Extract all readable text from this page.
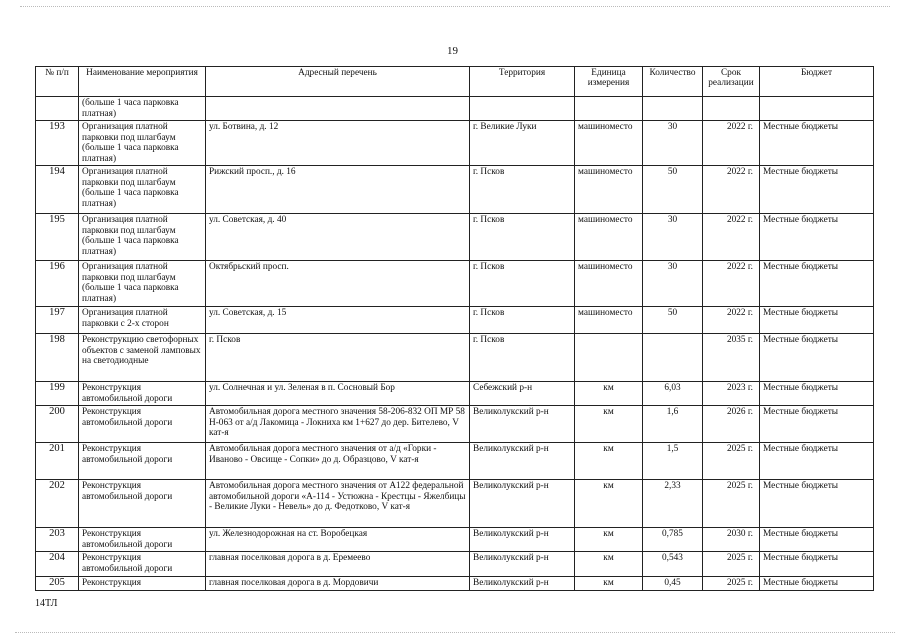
19
№ п/п	Наименование мероприятия	Адресный перечень	Территория	Единица измерения	Количество	Срок реализации	Бюджет
	(больше 1 часа парковка платная)						
193	Организация платной парковки под шлагбаум (больше 1 часа парковка платная)	ул. Ботвина, д. 12	г. Великие Луки	машиноместо	30	2022 г.	Местные бюджеты
194	Организация платной парковки под шлагбаум (больше 1 часа парковка платная)	Рижский просп., д. 16	г. Псков	машиноместо	50	2022 г.	Местные бюджеты
195	Организация платной парковки под шлагбаум (больше 1 часа парковка платная)	ул. Советская, д. 40	г. Псков	машиноместо	30	2022 г.	Местные бюджеты
196	Организация платной парковки под шлагбаум (больше 1 часа парковка платная)	Октябрьский просп.	г. Псков	машиноместо	30	2022 г.	Местные бюджеты
197	Организация платной парковки с 2-х сторон	ул. Советская, д. 15	г. Псков	машиноместо	50	2022 г.	Местные бюджеты
198	Реконструкцию светофорных объектов с заменой ламповых на светодиодные	г. Псков	г. Псков			2035 г.	Местные бюджеты
199	Реконструкция автомобильной дороги	ул. Солнечная и ул. Зеленая в п. Сосновый Бор	Себежский р-н	км	6,03	2023 г.	Местные бюджеты
200	Реконструкция автомобильной дороги	Автомобильная дорога местного значения 58-206-832 ОП МР 58 Н-063 от а/д Лакомица - Локниха км 1+627 до дер. Бителево, V кат-я	Великолукский р-н	км	1,6	2026 г.	Местные бюджеты
201	Реконструкция автомобильной дороги	Автомобильная дорога местного значения от а/д «Горки - Иваново - Овсище - Сопки» до д. Образцово, V кат-я	Великолукский р-н	км	1,5	2025 г.	Местные бюджеты
202	Реконструкция автомобильной дороги	Автомобильная дорога местного значения от А122 федеральной автомобильной дороги «А-114 - Устюжна - Крестцы - Яжелбицы - Великие Луки - Невель» до д. Федотково, V кат-я	Великолукский р-н	км	2,33	2025 г.	Местные бюджеты
203	Реконструкция автомобильной дороги	ул. Железнодорожная на ст. Воробецкая	Великолукский р-н	км	0,785	2030 г.	Местные бюджеты
204	Реконструкция автомобильной дороги	главная поселковая дорога в д. Еремеево	Великолукский р-н	км	0,543	2025 г.	Местные бюджеты
205	Реконструкция	главная поселковая дорога в д. Мордовичи	Великолукский р-н	км	0,45	2025 г.	Местные бюджеты
14ТЛ
